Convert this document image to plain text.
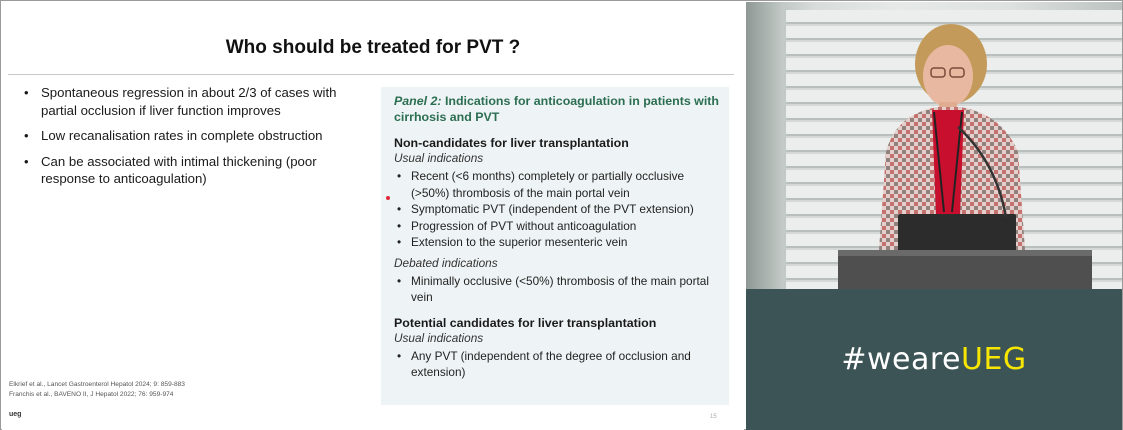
Who should be treated for PVT ?
• Spontaneous regression in about 2/3 of cases with partial occlusion if liver function improves
• Low recanalisation rates in complete obstruction
• Can be associated with intimal thickening (poor response to anticoagulation)
Panel 2: Indications for anticoagulation in patients with cirrhosis and PVT
Non-candidates for liver transplantation
Usual indications
• Recent (<6 months) completely or partially occlusive (>50%) thrombosis of the main portal vein
• Symptomatic PVT (independent of the PVT extension)
• Progression of PVT without anticoagulation
• Extension to the superior mesenteric vein
Debated indications
• Minimally occlusive (<50%) thrombosis of the main portal vein
Potential candidates for liver transplantation
Usual indications
• Any PVT (independent of the degree of occlusion and extension)
Elkrief et al., Lancet Gastroenterol Hepatol 2024; 9: 859-883
Franchis et al., BAVENO II, J Hepatol 2022; 76: 959-974
ueg	15
#weareUEG
